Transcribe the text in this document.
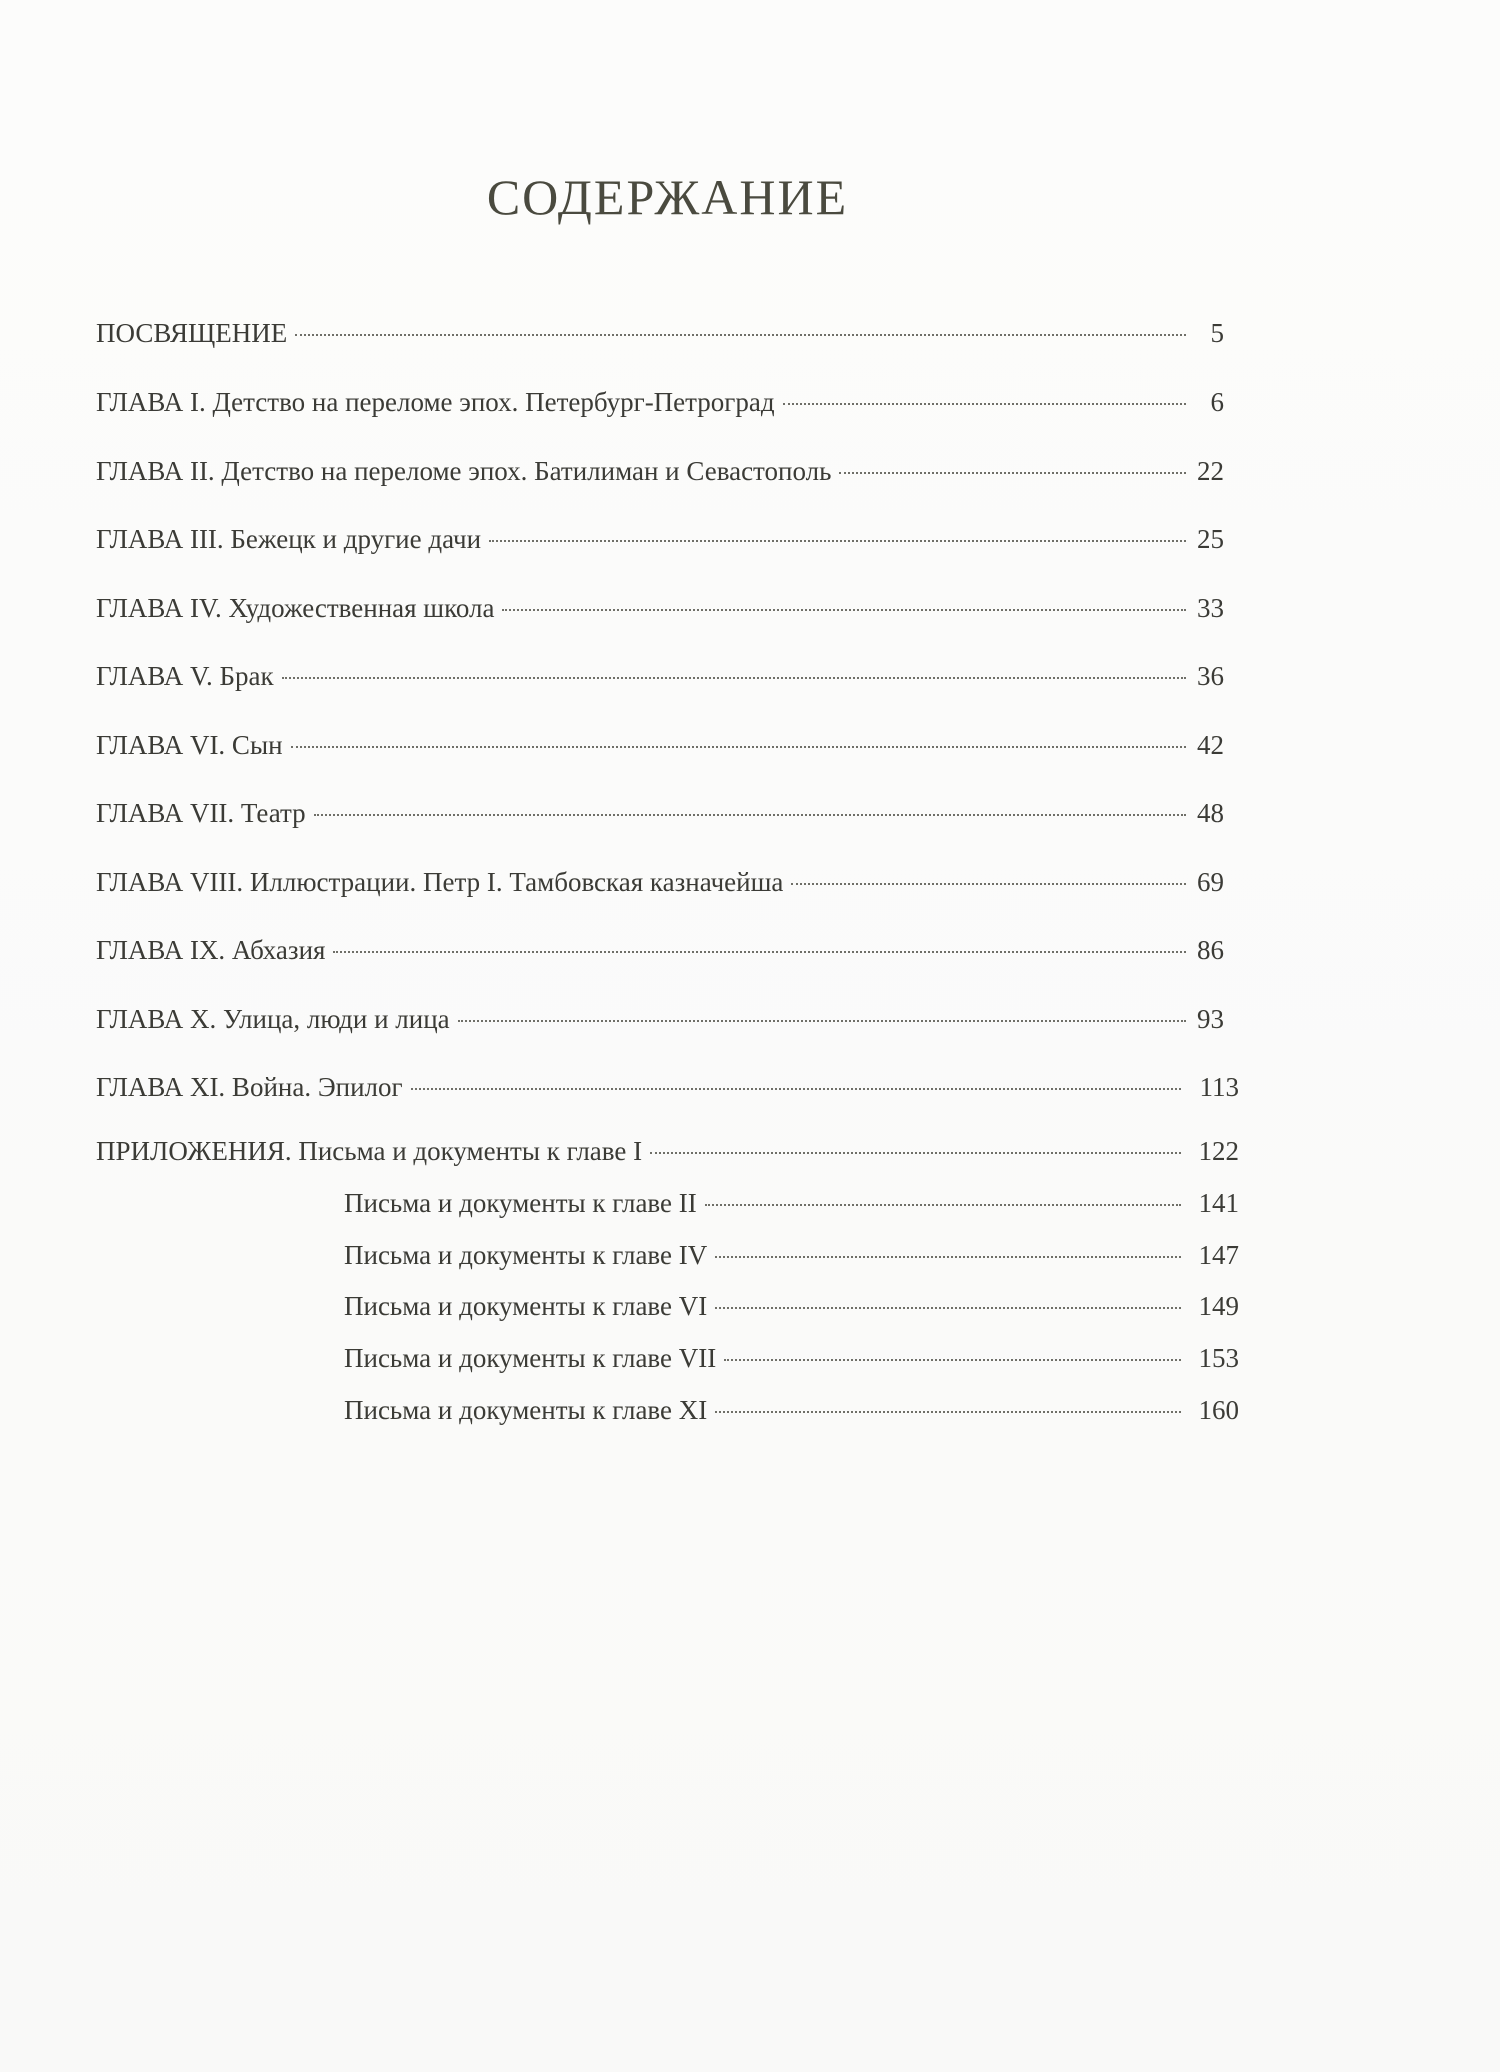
СОДЕРЖАНИЕ
ПОСВЯЩЕНИЕ	5
ГЛАВА I. Детство на переломе эпох. Петербург-Петроград	6
ГЛАВА II. Детство на переломе эпох. Батилиман и Севастополь	22
ГЛАВА III. Бежецк и другие дачи	25
ГЛАВА IV. Художественная школа	33
ГЛАВА V. Брак	36
ГЛАВА VI. Сын	42
ГЛАВА VII. Театр	48
ГЛАВА VIII. Иллюстрации. Петр I. Тамбовская казначейша	69
ГЛАВА IX. Абхазия	86
ГЛАВА X. Улица, люди и лица	93
ГЛАВА XI. Война. Эпилог	113
ПРИЛОЖЕНИЯ. Письма и документы к главе I	122
Письма и документы к главе II	141
Письма и документы к главе IV	147
Письма и документы к главе VI	149
Письма и документы к главе VII	153
Письма и документы к главе XI	160
